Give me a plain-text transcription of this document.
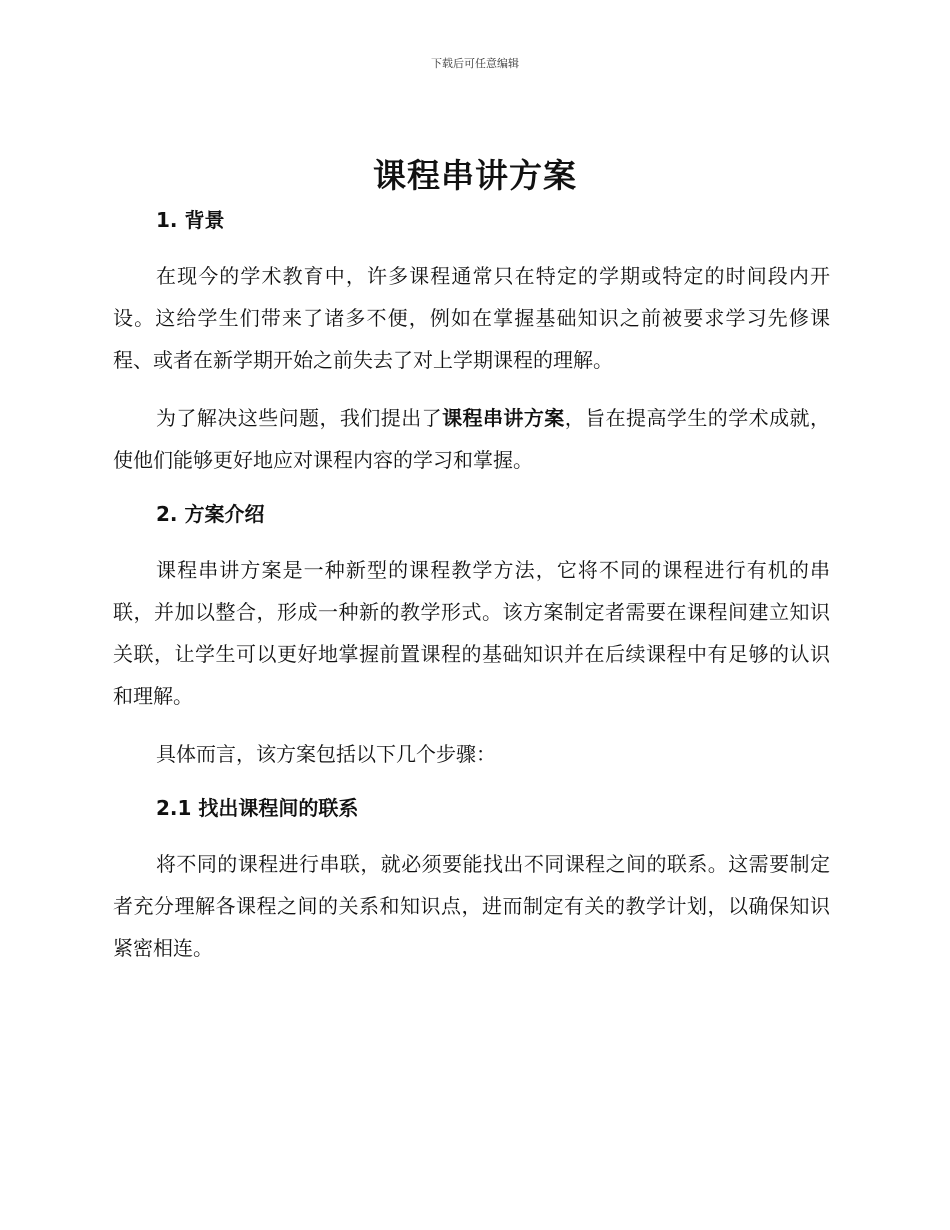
下载后可任意编辑
课程串讲方案
1. 背景

在现今的学术教育中，许多课程通常只在特定的学期或特定的时间段内开设。这给学生们带来了诸多不便，例如在掌握基础知识之前被要求学习先修课程、或者在新学期开始之前失去了对上学期课程的理解。

为了解决这些问题，我们提出了课程串讲方案，旨在提高学生的学术成就，使他们能够更好地应对课程内容的学习和掌握。

2. 方案介绍

课程串讲方案是一种新型的课程教学方法，它将不同的课程进行有机的串联，并加以整合，形成一种新的教学形式。该方案制定者需要在课程间建立知识关联，让学生可以更好地掌握前置课程的基础知识并在后续课程中有足够的认识和理解。

具体而言，该方案包括以下几个步骤：

2.1 找出课程间的联系

将不同的课程进行串联，就必须要能找出不同课程之间的联系。这需要制定者充分理解各课程之间的关系和知识点，进而制定有关的教学计划，以确保知识紧密相连。
